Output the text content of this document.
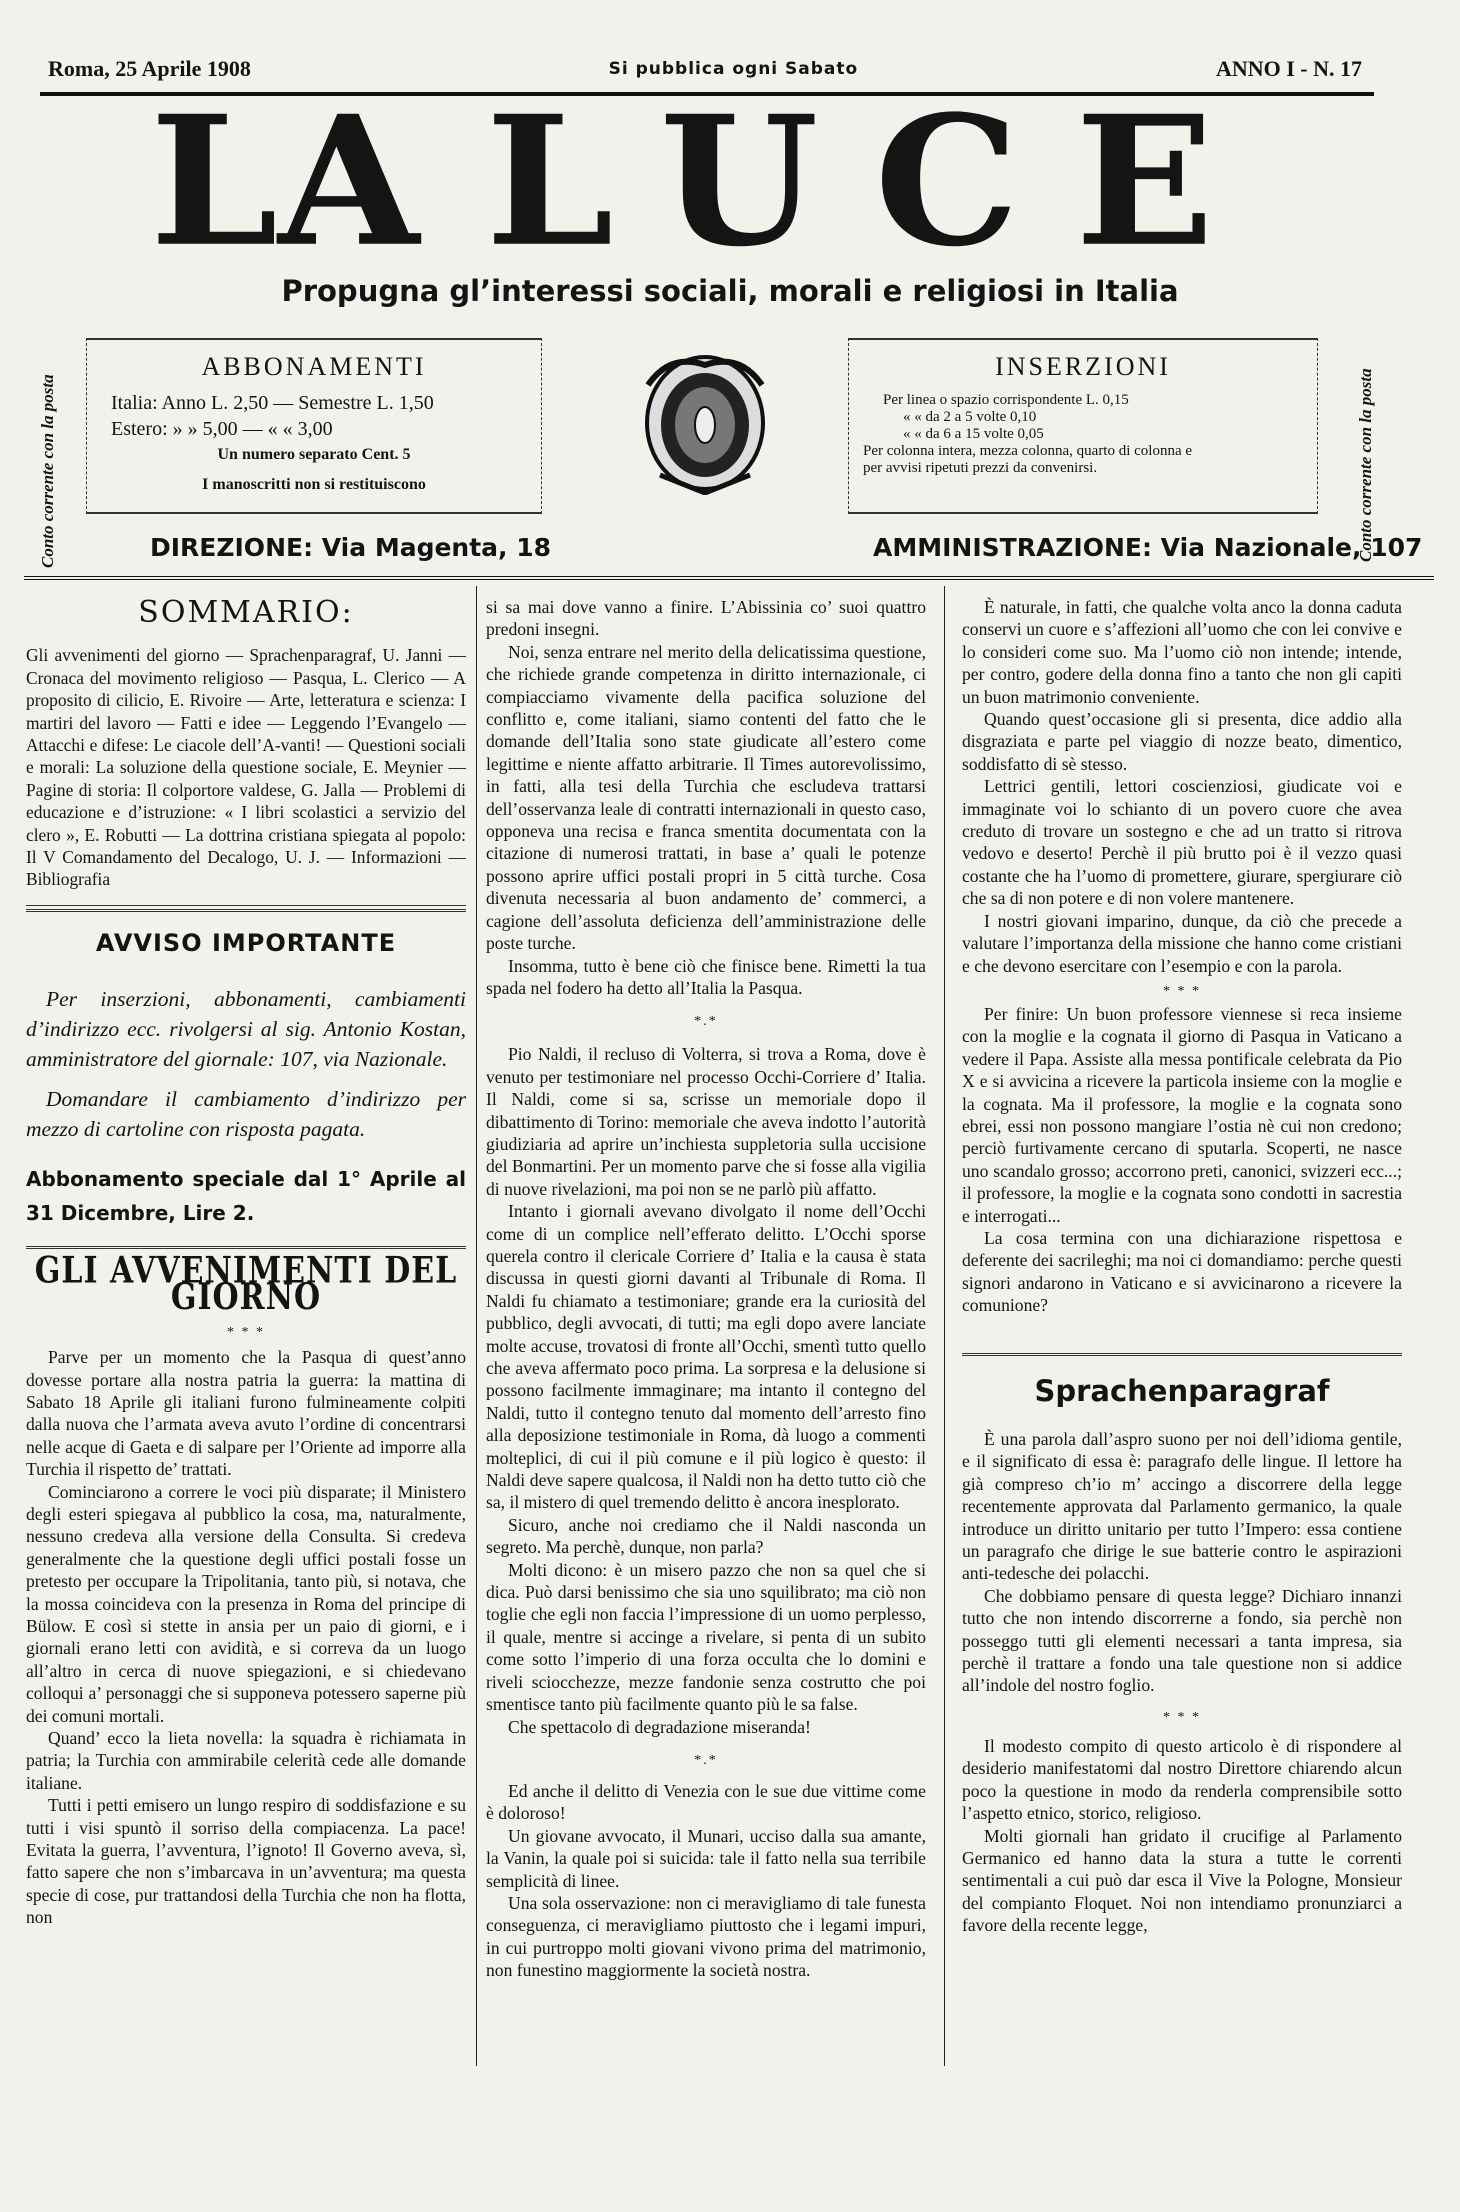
Roma, 25 Aprile 1908	Si pubblica ogni Sabato	ANNO I - N. 17
LA LUCE
Propugna gl’interessi sociali, morali e religiosi in Italia
Conto corrente con la posta	Conto corrente con la posta
ABBONAMENTI
Italia: Anno L. 2,50 — Semestre L. 1,50
Estero: » » 5,00 — « « 3,00
Un numero separato Cent. 5
I manoscritti non si restituiscono
INSERZIONI
Per linea o spazio corrispondente L. 0,15
« « da 2 a 5 volte 0,10
« « da 6 a 15 volte 0,05
Per colonna intera, mezza colonna, quarto di colonna e
per avvisi ripetuti prezzi da convenirsi.
DIREZIONE: Via Magenta, 18	AMMINISTRAZIONE: Via Nazionale, 107
SOMMARIO:
Gli avvenimenti del giorno — Sprachenparagraf, U. Janni — Cronaca del movimento religioso — Pasqua, L. Clerico — A proposito di cilicio, E. Rivoire — Arte, letteratura e scienza: I martiri del lavoro — Fatti e idee — Leggendo l’Evangelo — Attacchi e difese: Le ciacole dell’A-vanti! — Questioni sociali e morali: La soluzione della questione sociale, E. Meynier — Pagine di storia: Il colportore valdese, G. Jalla — Problemi di educazione e d’istruzione: « I libri scolastici a servizio del clero », E. Robutti — La dottrina cristiana spiegata al popolo: Il V Comandamento del Decalogo, U. J. — Informazioni — Bibliografia
AVVISO IMPORTANTE

Per inserzioni, abbonamenti, cambiamenti d’indirizzo ecc. rivolgersi al sig. Antonio Kostan, amministratore del giornale: 107, via Nazionale.

Domandare il cambiamento d’indirizzo per mezzo di cartoline con risposta pagata.

Abbonamento speciale dal 1° Aprile al 31 Dicembre, Lire 2.
GLI AVVENIMENTI DEL GIORNO
* * *

Parve per un momento che la Pasqua di quest’anno dovesse portare alla nostra patria la guerra: la mattina di Sabato 18 Aprile gli italiani furono fulmineamente colpiti dalla nuova che l’armata aveva avuto l’ordine di concentrarsi nelle acque di Gaeta e di salpare per l’Oriente ad imporre alla Turchia il rispetto de’ trattati.

Cominciarono a correre le voci più disparate; il Ministero degli esteri spiegava al pubblico la cosa, ma, naturalmente, nessuno credeva alla versione della Consulta. Si credeva generalmente che la questione degli uffici postali fosse un pretesto per occupare la Tripolitania, tanto più, si notava, che la mossa coincideva con la presenza in Roma del principe di Bülow. E così si stette in ansia per un paio di giorni, e i giornali erano letti con avidità, e si correva da un luogo all’altro in cerca di nuove spiegazioni, e si chiedevano colloqui a’ personaggi che si supponeva potessero saperne più dei comuni mortali.

Quand’ ecco la lieta novella: la squadra è richiamata in patria; la Turchia con ammirabile celerità cede alle domande italiane.

Tutti i petti emisero un lungo respiro di soddisfazione e su tutti i visi spuntò il sorriso della compiacenza. La pace! Evitata la guerra, l’avventura, l’ignoto! Il Governo aveva, sì, fatto sapere che non s’imbarcava in un’avventura; ma questa specie di cose, pur trattandosi della Turchia che non ha flotta, non

si sa mai dove vanno a finire. L’Abissinia co’ suoi quattro predoni insegni.

Noi, senza entrare nel merito della delicatissima questione, che richiede grande competenza in diritto internazionale, ci compiacciamo vivamente della pacifica soluzione del conflitto e, come italiani, siamo contenti del fatto che le domande dell’Italia sono state giudicate all’estero come legittime e niente affatto arbitrarie. Il Times autorevolissimo, in fatti, alla tesi della Turchia che escludeva trattarsi dell’osservanza leale di contratti internazionali in questo caso, opponeva una recisa e franca smentita documentata con la citazione di numerosi trattati, in base a’ quali le potenze possono aprire uffici postali propri in 5 città turche. Cosa divenuta necessaria al buon andamento de’ commerci, a cagione dell’assoluta deficienza dell’amministrazione delle poste turche.

Insomma, tutto è bene ciò che finisce bene. Rimetti la tua spada nel fodero ha detto all’Italia la Pasqua.

*.*

Pio Naldi, il recluso di Volterra, si trova a Roma, dove è venuto per testimoniare nel processo Occhi-Corriere d’ Italia. Il Naldi, come si sa, scrisse un memoriale dopo il dibattimento di Torino: memoriale che aveva indotto l’autorità giudiziaria ad aprire un’inchiesta suppletoria sulla uccisione del Bonmartini. Per un momento parve che si fosse alla vigilia di nuove rivelazioni, ma poi non se ne parlò più affatto.

Intanto i giornali avevano divolgato il nome dell’Occhi come di un complice nell’efferato delitto. L’Occhi sporse querela contro il clericale Corriere d’ Italia e la causa è stata discussa in questi giorni davanti al Tribunale di Roma. Il Naldi fu chiamato a testimoniare; grande era la curiosità del pubblico, degli avvocati, di tutti; ma egli dopo avere lanciate molte accuse, trovatosi di fronte all’Occhi, smentì tutto quello che aveva affermato poco prima. La sorpresa e la delusione si possono facilmente immaginare; ma intanto il contegno del Naldi, tutto il contegno tenuto dal momento dell’arresto fino alla deposizione testimoniale in Roma, dà luogo a commenti molteplici, di cui il più comune e il più logico è questo: il Naldi deve sapere qualcosa, il Naldi non ha detto tutto ciò che sa, il mistero di quel tremendo delitto è ancora inesplorato.

Sicuro, anche noi crediamo che il Naldi nasconda un segreto. Ma perchè, dunque, non parla?

Molti dicono: è un misero pazzo che non sa quel che si dica. Può darsi benissimo che sia uno squilibrato; ma ciò non toglie che egli non faccia l’impressione di un uomo perplesso, il quale, mentre si accinge a rivelare, si penta di un subito come sotto l’imperio di una forza occulta che lo domini e riveli sciocchezze, mezze fandonie senza costrutto che poi smentisce tanto più facilmente quanto più le sa false.

Che spettacolo di degradazione miseranda!

*.*

Ed anche il delitto di Venezia con le sue due vittime come è doloroso!

Un giovane avvocato, il Munari, ucciso dalla sua amante, la Vanin, la quale poi si suicida: tale il fatto nella sua terribile semplicità di linee.

Una sola osservazione: non ci meravigliamo di tale funesta conseguenza, ci meravigliamo piuttosto che i legami impuri, in cui purtroppo molti giovani vivono prima del matrimonio, non funestino maggiormente la società nostra.

È naturale, in fatti, che qualche volta anco la donna caduta conservi un cuore e s’affezioni all’uomo che con lei convive e lo consideri come suo. Ma l’uomo ciò non intende; intende, per contro, godere della donna fino a tanto che non gli capiti un buon matrimonio conveniente.

Quando quest’occasione gli si presenta, dice addio alla disgraziata e parte pel viaggio di nozze beato, dimentico, soddisfatto di sè stesso.

Lettrici gentili, lettori coscienziosi, giudicate voi e immaginate voi lo schianto di un povero cuore che avea creduto di trovare un sostegno e che ad un tratto si ritrova vedovo e deserto! Perchè il più brutto poi è il vezzo quasi costante che ha l’uomo di promettere, giurare, spergiurare ciò che sa di non potere e di non volere mantenere.

I nostri giovani imparino, dunque, da ciò che precede a valutare l’importanza della missione che hanno come cristiani e che devono esercitare con l’esempio e con la parola.

* * *

Per finire: Un buon professore viennese si reca insieme con la moglie e la cognata il giorno di Pasqua in Vaticano a vedere il Papa. Assiste alla messa pontificale celebrata da Pio X e si avvicina a ricevere la particola insieme con la moglie e la cognata. Ma il professore, la moglie e la cognata sono ebrei, essi non possono mangiare l’ostia nè cui non credono; perciò furtivamente cercano di sputarla. Scoperti, ne nasce uno scandalo grosso; accorrono preti, canonici, svizzeri ecc...; il professore, la moglie e la cognata sono condotti in sacrestia e interrogati...

La cosa termina con una dichiarazione rispettosa e deferente dei sacrileghi; ma noi ci domandiamo: perche questi signori andarono in Vaticano e si avvicinarono a ricevere la comunione?

Sprachenparagraf

È una parola dall’aspro suono per noi dell’idioma gentile, e il significato di essa è: paragrafo delle lingue. Il lettore ha già compreso ch’io m’ accingo a discorrere della legge recentemente approvata dal Parlamento germanico, la quale introduce un diritto unitario per tutto l’Impero: essa contiene un paragrafo che dirige le sue batterie contro le aspirazioni anti-tedesche dei polacchi.

Che dobbiamo pensare di questa legge? Dichiaro innanzi tutto che non intendo discorrerne a fondo, sia perchè non posseggo tutti gli elementi necessari a tanta impresa, sia perchè il trattare a fondo una tale questione non si addice all’indole del nostro foglio.

* * *

Il modesto compito di questo articolo è di rispondere al desiderio manifestatomi dal nostro Direttore chiarendo alcun poco la questione in modo da renderla comprensibile sotto l’aspetto etnico, storico, religioso.

Molti giornali han gridato il crucifige al Parlamento Germanico ed hanno data la stura a tutte le correnti sentimentali a cui può dar esca il Vive la Pologne, Monsieur del compianto Floquet. Noi non intendiamo pronunziarci a favore della recente legge,
